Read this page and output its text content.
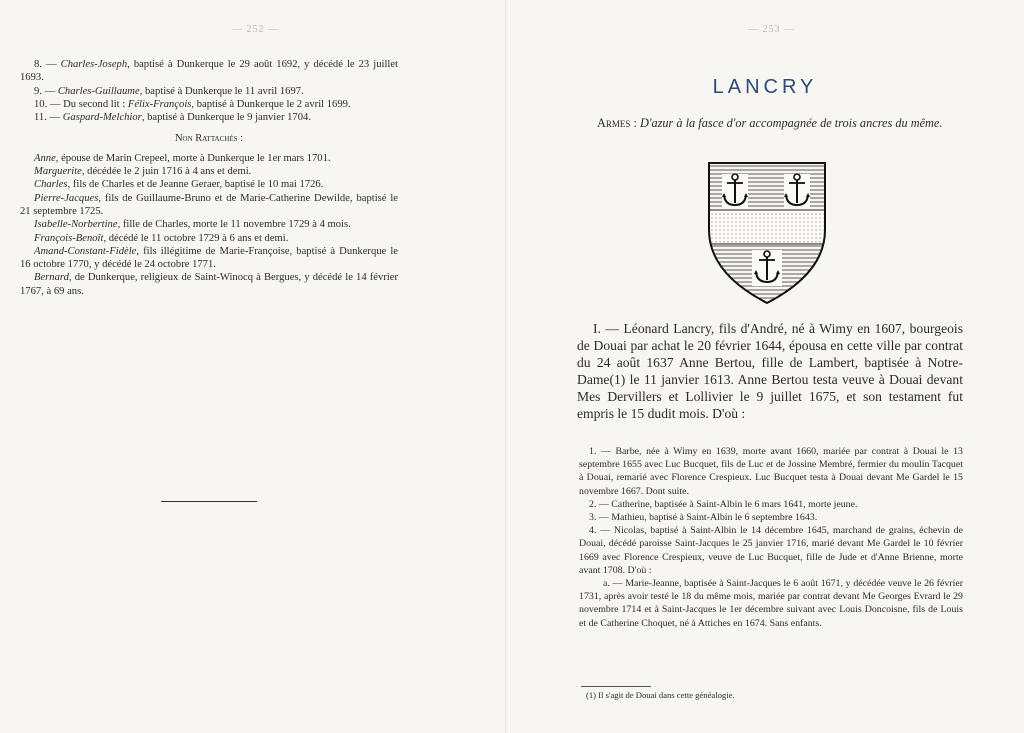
— 252 —

8. — Charles-Joseph, baptisé à Dunkerque le 29 août 1692, y décédé le 23 juillet 1693.

9. — Charles-Guillaume, baptisé à Dunkerque le 11 avril 1697.

10. — Du second lit : Félix-François, baptisé à Dunkerque le 2 avril 1699.

11. — Gaspard-Melchior, baptisé à Dunkerque le 9 janvier 1704.

Non Rattachés :

Anne, épouse de Marin Crepeel, morte à Dunkerque le 1er mars 1701.

Marguerite, décédée le 2 juin 1716 à 4 ans et demi.

Charles, fils de Charles et de Jeanne Geraer, baptisé le 10 mai 1726.

Pierre-Jacques, fils de Guillaume-Bruno et de Marie-Catherine Dewilde, baptisé le 21 septembre 1725.

Isabelle-Norbertine, fille de Charles, morte le 11 novembre 1729 à 4 mois.

François-Benoît, décédé le 11 octobre 1729 à 6 ans et demi.

Amand-Constant-Fidèle, fils illégitime de Marie-Françoise, baptisé à Dunkerque le 16 octobre 1770, y décédé le 24 octobre 1771.

Bernard, de Dunkerque, religieux de Saint-Winocq à Bergues, y décédé le 14 février 1767, à 69 ans.

— 253 —
LANCRY

Armes : D'azur à la fasce d'or accompagnée de trois ancres du même.

I. — Léonard Lancry, fils d'André, né à Wimy en 1607, bourgeois de Douai par achat le 20 février 1644, épousa en cette ville par contrat du 24 août 1637 Anne Bertou, fille de Lambert, baptisée à Notre-Dame(1) le 11 janvier 1613. Anne Bertou testa veuve à Douai devant Mes Dervillers et Lollivier le 9 juillet 1675, et son testament fut empris le 15 dudit mois. D'où :

1. — Barbe, née à Wimy en 1639, morte avant 1660, mariée par contrat à Douai le 13 septembre 1655 avec Luc Bucquet, fils de Luc et de Jossine Membré, fermier du moulin Tacquet à Douai, remarié avec Florence Crespieux. Luc Bucquet testa à Douai devant Me Gardel le 15 novembre 1667. Dont suite.

2. — Catherine, baptisée à Saint-Albin le 6 mars 1641, morte jeune.

3. — Mathieu, baptisé à Saint-Albin le 6 septembre 1643.

4. — Nicolas, baptisé à Saint-Albin le 14 décembre 1645, marchand de grains, échevin de Douai, décédé paroisse Saint-Jacques le 25 janvier 1716, marié devant Me Gardel le 10 février 1669 avec Florence Crespieux, veuve de Luc Bucquet, fille de Jude et d'Anne Brienne, morte avant 1708. D'où :

a. — Marie-Jeanne, baptisée à Saint-Jacques le 6 août 1671, y décédée veuve le 26 février 1731, après avoir testé le 18 du même mois, mariée par contrat devant Me Georges Evrard le 29 novembre 1714 et à Saint-Jacques le 1er décembre suivant avec Louis Doncoisne, fils de Louis et de Catherine Choquet, né à Attiches en 1674. Sans enfants.

(1) Il s'agit de Douai dans cette généalogie.
